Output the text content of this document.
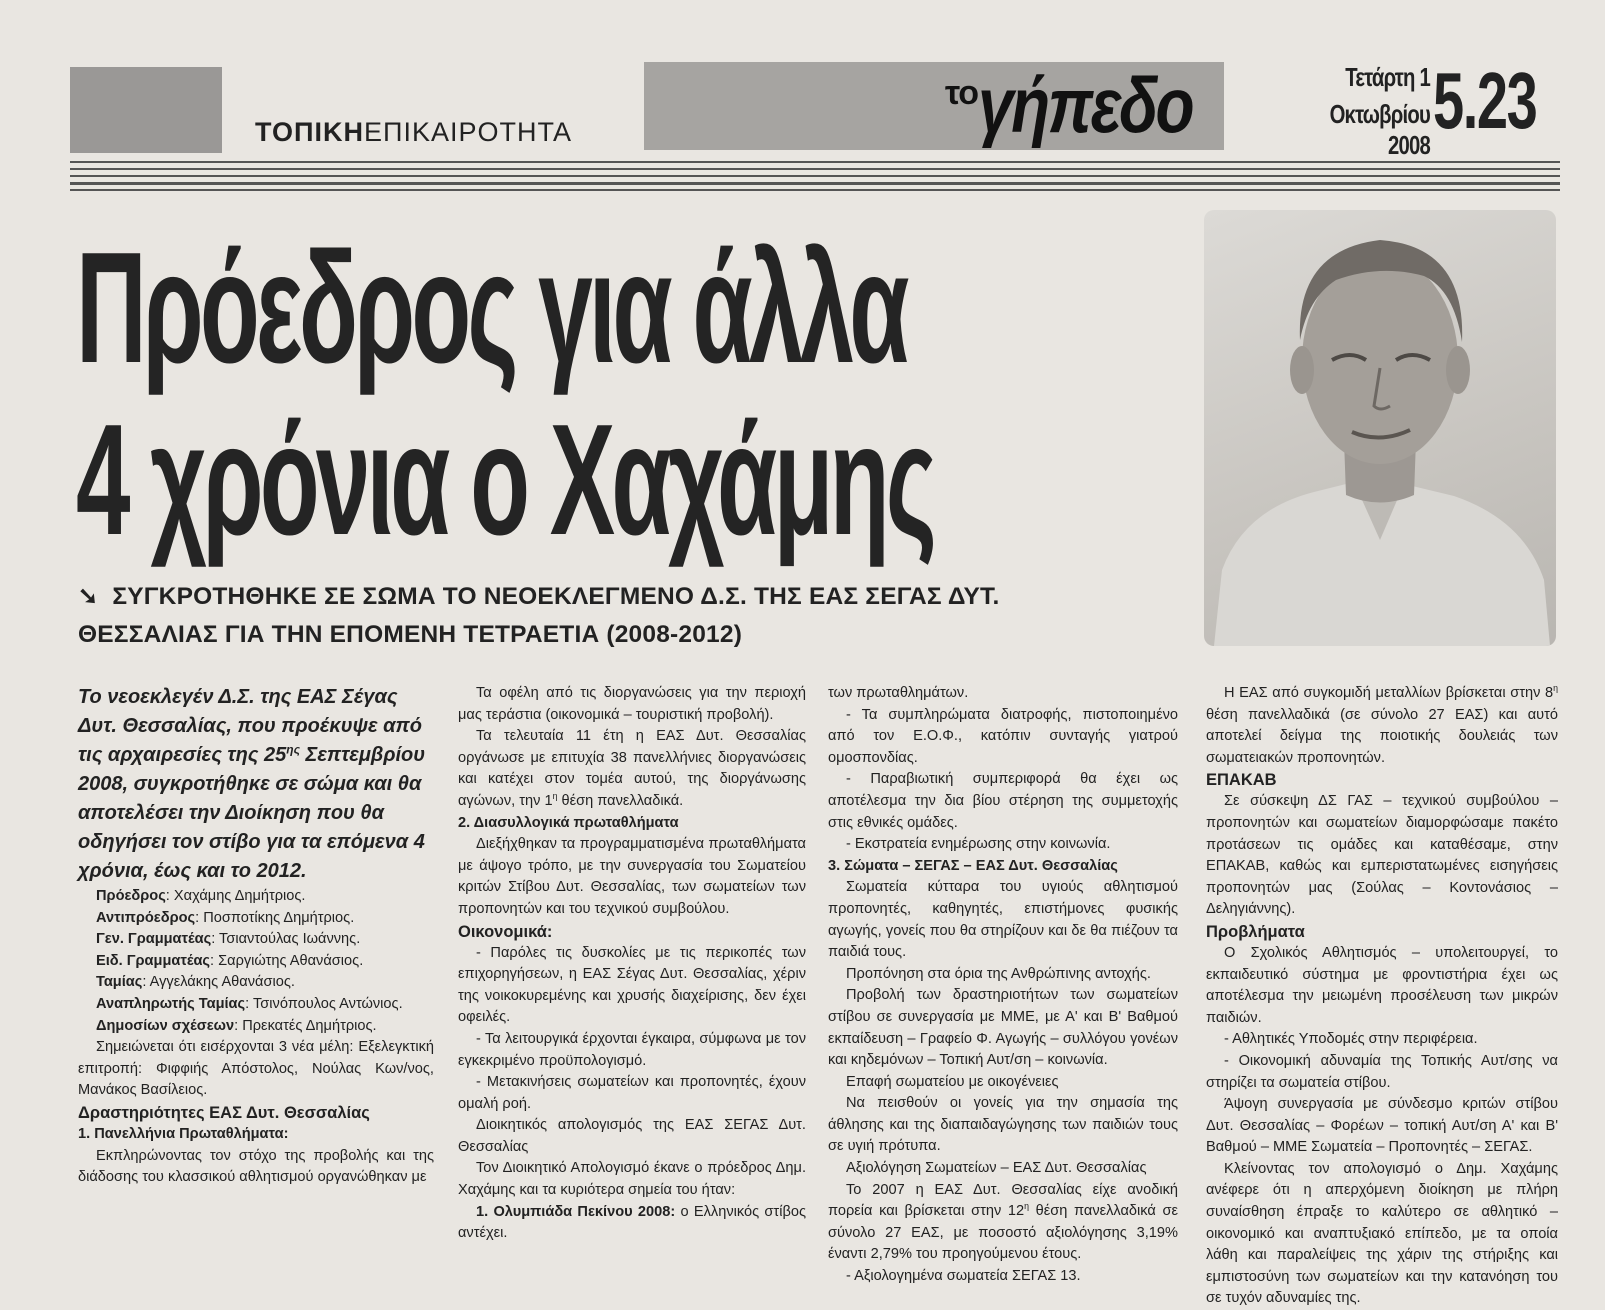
ΤΟΠΙΚΗΕΠΙΚΑΙΡΟΤΗΤΑ
τογήπεδο	Τετάρτη 1
Οκτωβρίου 2008 5.23
Πρόεδρος για άλλα
4 χρόνια ο Χαχάμης
➘ ΣΥΓΚΡΟΤΗΘΗΚΕ ΣΕ ΣΩΜΑ ΤΟ ΝΕΟΕΚΛΕΓΜΕΝΟ Δ.Σ. ΤΗΣ ΕΑΣ ΣΕΓΑΣ ΔΥΤ.
ΘΕΣΣΑΛΙΑΣ ΓΙΑ ΤΗΝ ΕΠΟΜΕΝΗ ΤΕΤΡΑΕΤΙΑ (2008-2012)

Το νεοεκλεγέν Δ.Σ. της ΕΑΣ Σέγας Δυτ. Θεσσαλίας, που προέκυψε από τις αρχαιρεσίες της $25^{\eta\varsigma}$ Σεπτεμβρίου 2008, συγκροτήθηκε σε σώμα και θα αποτελέσει την Διοίκηση που θα οδηγήσει τον στίβο για τα επόμενα 4 χρόνια, έως και το 2012.

Πρόεδρος: Χαχάμης Δημήτριος.

Αντιπρόεδρος: Ποσποτίκης Δημήτριος.

Γεν. Γραμματέας: Τσιαντούλας Ιωάννης.

Ειδ. Γραμματέας: Σαργιώτης Αθανάσιος.

Ταμίας: Αγγελάκης Αθανάσιος.

Αναπληρωτής Ταμίας: Τσινόπουλος Αντώνιος.

Δημοσίων σχέσεων: Πρεκατές Δημήτριος.

Σημειώνεται ότι εισέρχονται 3 νέα μέλη: Εξελεγκτική επιτροπή: Φιφφιής Απόστολος, Νούλας Κων/νος, Μανάκος Βασίλειος.

Δραστηριότητες ΕΑΣ Δυτ. Θεσσαλίας

1. Πανελλήνια Πρωταθλήματα:

Εκπληρώνοντας τον στόχο της προβολής και της διάδοσης του κλασσικού αθλητισμού οργανώθηκαν με

Τα οφέλη από τις διοργανώσεις για την περιοχή μας τεράστια (οικονομικά – τουριστική προβολή).

Τα τελευταία 11 έτη η ΕΑΣ Δυτ. Θεσσαλίας οργάνωσε με επιτυχία 38 πανελλήνιες διοργανώσεις και κατέχει στον τομέα αυτού, της διοργάνωσης αγώνων, την $1^\eta$ θέση πανελλαδικά.

2. Διασυλλογικά πρωταθλήματα

Διεξήχθηκαν τα προγραμματισμένα πρωταθλήματα με άψογο τρόπο, με την συνεργασία του Σωματείου κριτών Στίβου Δυτ. Θεσσαλίας, των σωματείων των προπονητών και του τεχνικού συμβούλου.

Οικονομικά:

- Παρόλες τις δυσκολίες με τις περικοπές των επιχορηγήσεων, η ΕΑΣ Σέγας Δυτ. Θεσσαλίας, χέριν της νοικοκυρεμένης και χρυσής διαχείρισης, δεν έχει οφειλές.

- Τα λειτουργικά έρχονται έγκαιρα, σύμφωνα με τον εγκεκριμένο προϋπολογισμό.

- Μετακινήσεις σωματείων και προπονητές, έχουν ομαλή ροή.

Διοικητικός απολογισμός της ΕΑΣ ΣΕΓΑΣ Δυτ. Θεσσαλίας

Τον Διοικητικό Απολογισμό έκανε ο πρόεδρος Δημ. Χαχάμης και τα κυριότερα σημεία του ήταν:

1. Ολυμπιάδα Πεκίνου 2008: ο Ελληνικός στίβος αντέχει.

των πρωταθλημάτων.

- Τα συμπληρώματα διατροφής, πιστοποιημένο από τον Ε.Ο.Φ., κατόπιν συνταγής γιατρού ομοσπονδίας.

- Παραβιωτική συμπεριφορά θα έχει ως αποτέλεσμα την δια βίου στέρηση της συμμετοχής στις εθνικές ομάδες.

- Εκστρατεία ενημέρωσης στην κοινωνία.

3. Σώματα – ΣΕΓΑΣ – ΕΑΣ Δυτ. Θεσσαλίας

Σωματεία κύτταρα του υγιούς αθλητισμού προπονητές, καθηγητές, επιστήμονες φυσικής αγωγής, γονείς που θα στηρίζουν και δε θα πιέζουν τα παιδιά τους.

Προπόνηση στα όρια της Ανθρώπινης αντοχής.

Προβολή των δραστηριοτήτων των σωματείων στίβου σε συνεργασία με ΜΜΕ, με Α' και Β' Βαθμού εκπαίδευση – Γραφείο Φ. Αγωγής – συλλόγου γονέων και κηδεμόνων – Τοπική Αυτ/ση – κοινωνία.

Επαφή σωματείου με οικογένειες

Να πεισθούν οι γονείς για την σημασία της άθλησης και της διαπαιδαγώγησης των παιδιών τους σε υγιή πρότυπα.

Αξιολόγηση Σωματείων – ΕΑΣ Δυτ. Θεσσαλίας

Το 2007 η ΕΑΣ Δυτ. Θεσσαλίας είχε ανοδική πορεία και βρίσκεται στην $12^\eta$ θέση πανελλαδικά σε σύνολο 27 ΕΑΣ, με ποσοστό αξιολόγησης 3,19% έναντι 2,79% του προηγούμενου έτους.

- Αξιολογημένα σωματεία ΣΕΓΑΣ 13.

Η ΕΑΣ από συγκομιδή μεταλλίων βρίσκεται στην $8^\eta$ θέση πανελλαδικά (σε σύνολο 27 ΕΑΣ) και αυτό αποτελεί δείγμα της ποιοτικής δουλειάς των σωματειακών προπονητών.

ΕΠΑΚΑΒ

Σε σύσκεψη ΔΣ ΓΑΣ – τεχνικού συμβούλου – προπονητών και σωματείων διαμορφώσαμε πακέτο προτάσεων τις ομάδες και καταθέσαμε, στην ΕΠΑΚΑΒ, καθώς και εμπεριστατωμένες εισηγήσεις προπονητών μας (Σούλας – Κοντονάσιος – Δεληγιάννης).

Προβλήματα

Ο Σχολικός Αθλητισμός – υπολειτουργεί, το εκπαιδευτικό σύστημα με φροντιστήρια έχει ως αποτέλεσμα την μειωμένη προσέλευση των μικρών παιδιών.

- Αθλητικές Υποδομές στην περιφέρεια.

- Οικονομική αδυναμία της Τοπικής Αυτ/σης να στηρίζει τα σωματεία στίβου.

Άψογη συνεργασία με σύνδεσμο κριτών στίβου Δυτ. Θεσσαλίας – Φορέων – τοπική Αυτ/ση Α' και Β' Βαθμού – ΜΜΕ Σωματεία – Προπονητές – ΣΕΓΑΣ.

Κλείνοντας τον απολογισμό ο Δημ. Χαχάμης ανέφερε ότι η απερχόμενη διοίκηση με πλήρη συναίσθηση έπραξε το καλύτερο σε αθλητικό – οικονομικό και αναπτυξιακό επίπεδο, με τα οποία λάθη και παραλείψεις της χάριν της στήριξης και εμπιστοσύνη των σωματείων και την κατανόηση του σε τυχόν αδυναμίες της.
